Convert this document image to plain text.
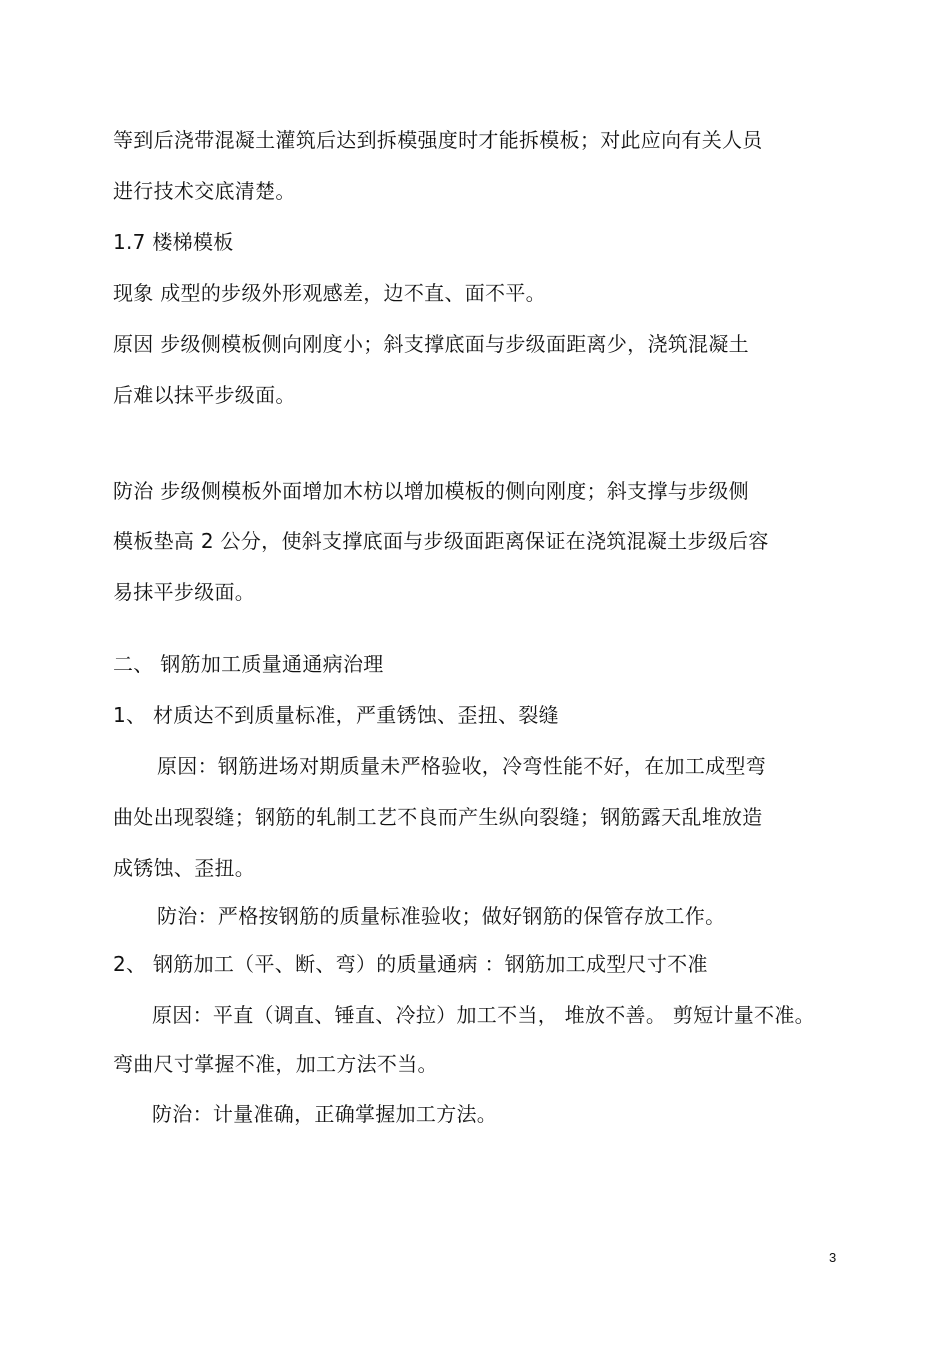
等到后浇带混凝土灌筑后达到拆模强度时才能拆模板；对此应向有关人员
进行技术交底清楚。
1.7 楼梯模板
现象 成型的步级外形观感差，边不直、面不平。
原因 步级侧模板侧向刚度小；斜支撑底面与步级面距离少，浇筑混凝土
后难以抹平步级面。
防治 步级侧模板外面增加木枋以增加模板的侧向刚度；斜支撑与步级侧
模板垫高 2 公分，使斜支撑底面与步级面距离保证在浇筑混凝土步级后容
易抹平步级面。
二、 钢筋加工质量通通病治理
1、 材质达不到质量标准，严重锈蚀、歪扭、裂缝
原因：钢筋进场对期质量未严格验收，冷弯性能不好，在加工成型弯
曲处出现裂缝；钢筋的轧制工艺不良而产生纵向裂缝；钢筋露天乱堆放造
成锈蚀、歪扭。
防治：严格按钢筋的质量标准验收；做好钢筋的保管存放工作。
2、 钢筋加工（平、断、弯）的质量通病 ：钢筋加工成型尺寸不准
原因：平直（调直、锤直、冷拉）加工不当， 堆放不善。 剪短计量不准。
弯曲尺寸掌握不准，加工方法不当。
防治：计量准确，正确掌握加工方法。
3
